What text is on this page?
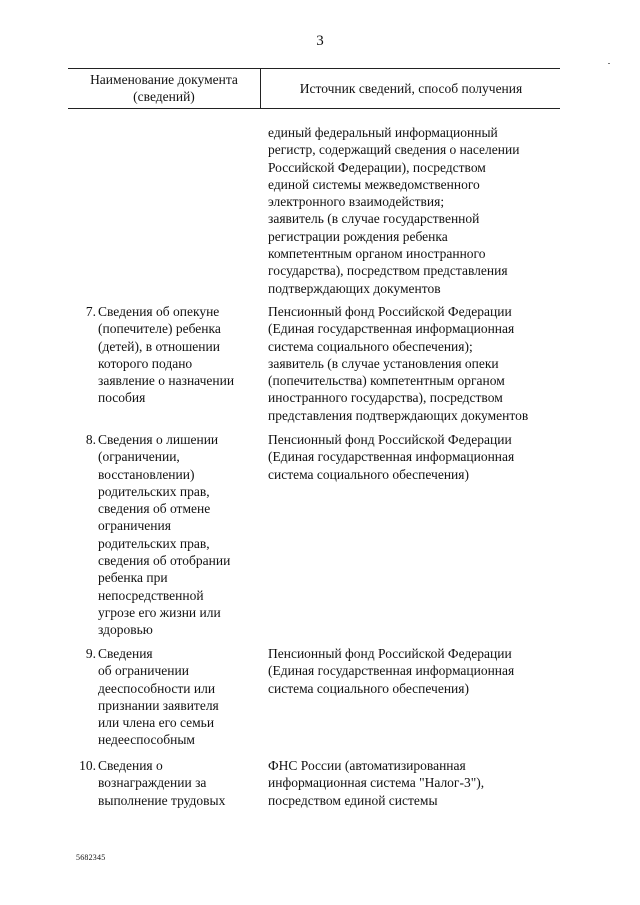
3
Наименование документа
(сведений)
Источник сведений, способ получения
единый федеральный информационный
регистр, содержащий сведения о населении
Российской Федерации), посредством
единой системы межведомственного
электронного взаимодействия;
заявитель (в случае государственной
регистрации рождения ребенка
компетентным органом иностранного
государства), посредством представления
подтверждающих документов
7. Сведения об опекуне
(попечителе) ребенка
(детей), в отношении
которого подано
заявление о назначении
пособия
Пенсионный фонд Российской Федерации
(Единая государственная информационная
система социального обеспечения);
заявитель (в случае установления опеки
(попечительства) компетентным органом
иностранного государства), посредством
представления подтверждающих документов
8. Сведения о лишении
(ограничении,
восстановлении)
родительских прав,
сведения об отмене
ограничения
родительских прав,
сведения об отобрании
ребенка при
непосредственной
угрозе его жизни или
здоровью
Пенсионный фонд Российской Федерации
(Единая государственная информационная
система социального обеспечения)
9. Сведения
об ограничении
дееспособности или
признании заявителя
или члена его семьи
недееспособным
Пенсионный фонд Российской Федерации
(Единая государственная информационная
система социального обеспечения)
10. Сведения о
вознаграждении за
выполнение трудовых
ФНС России (автоматизированная
информационная система "Налог-3"),
посредством единой системы
5682345
